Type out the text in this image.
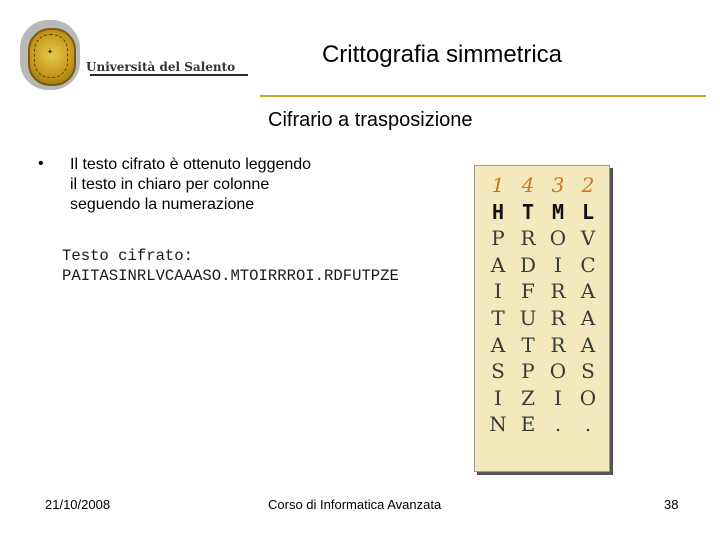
✦
Università del Salento	Crittografia simmetrica
Cifrario a trasposizione
• Il testo cifrato è ottenuto leggendo
il testo in chiaro per colonne
seguendo la numerazione

Testo cifrato:
PAITASINRLVCAAASO.MTOIRRROI.RDFUTPZE
1 4 3 2
H T M L
P R O V
A D I C
I F R A
T U R A
A T R A
S P O S
I Z I O
N E .	.
21/10/2008	Corso di Informatica Avanzata	38
